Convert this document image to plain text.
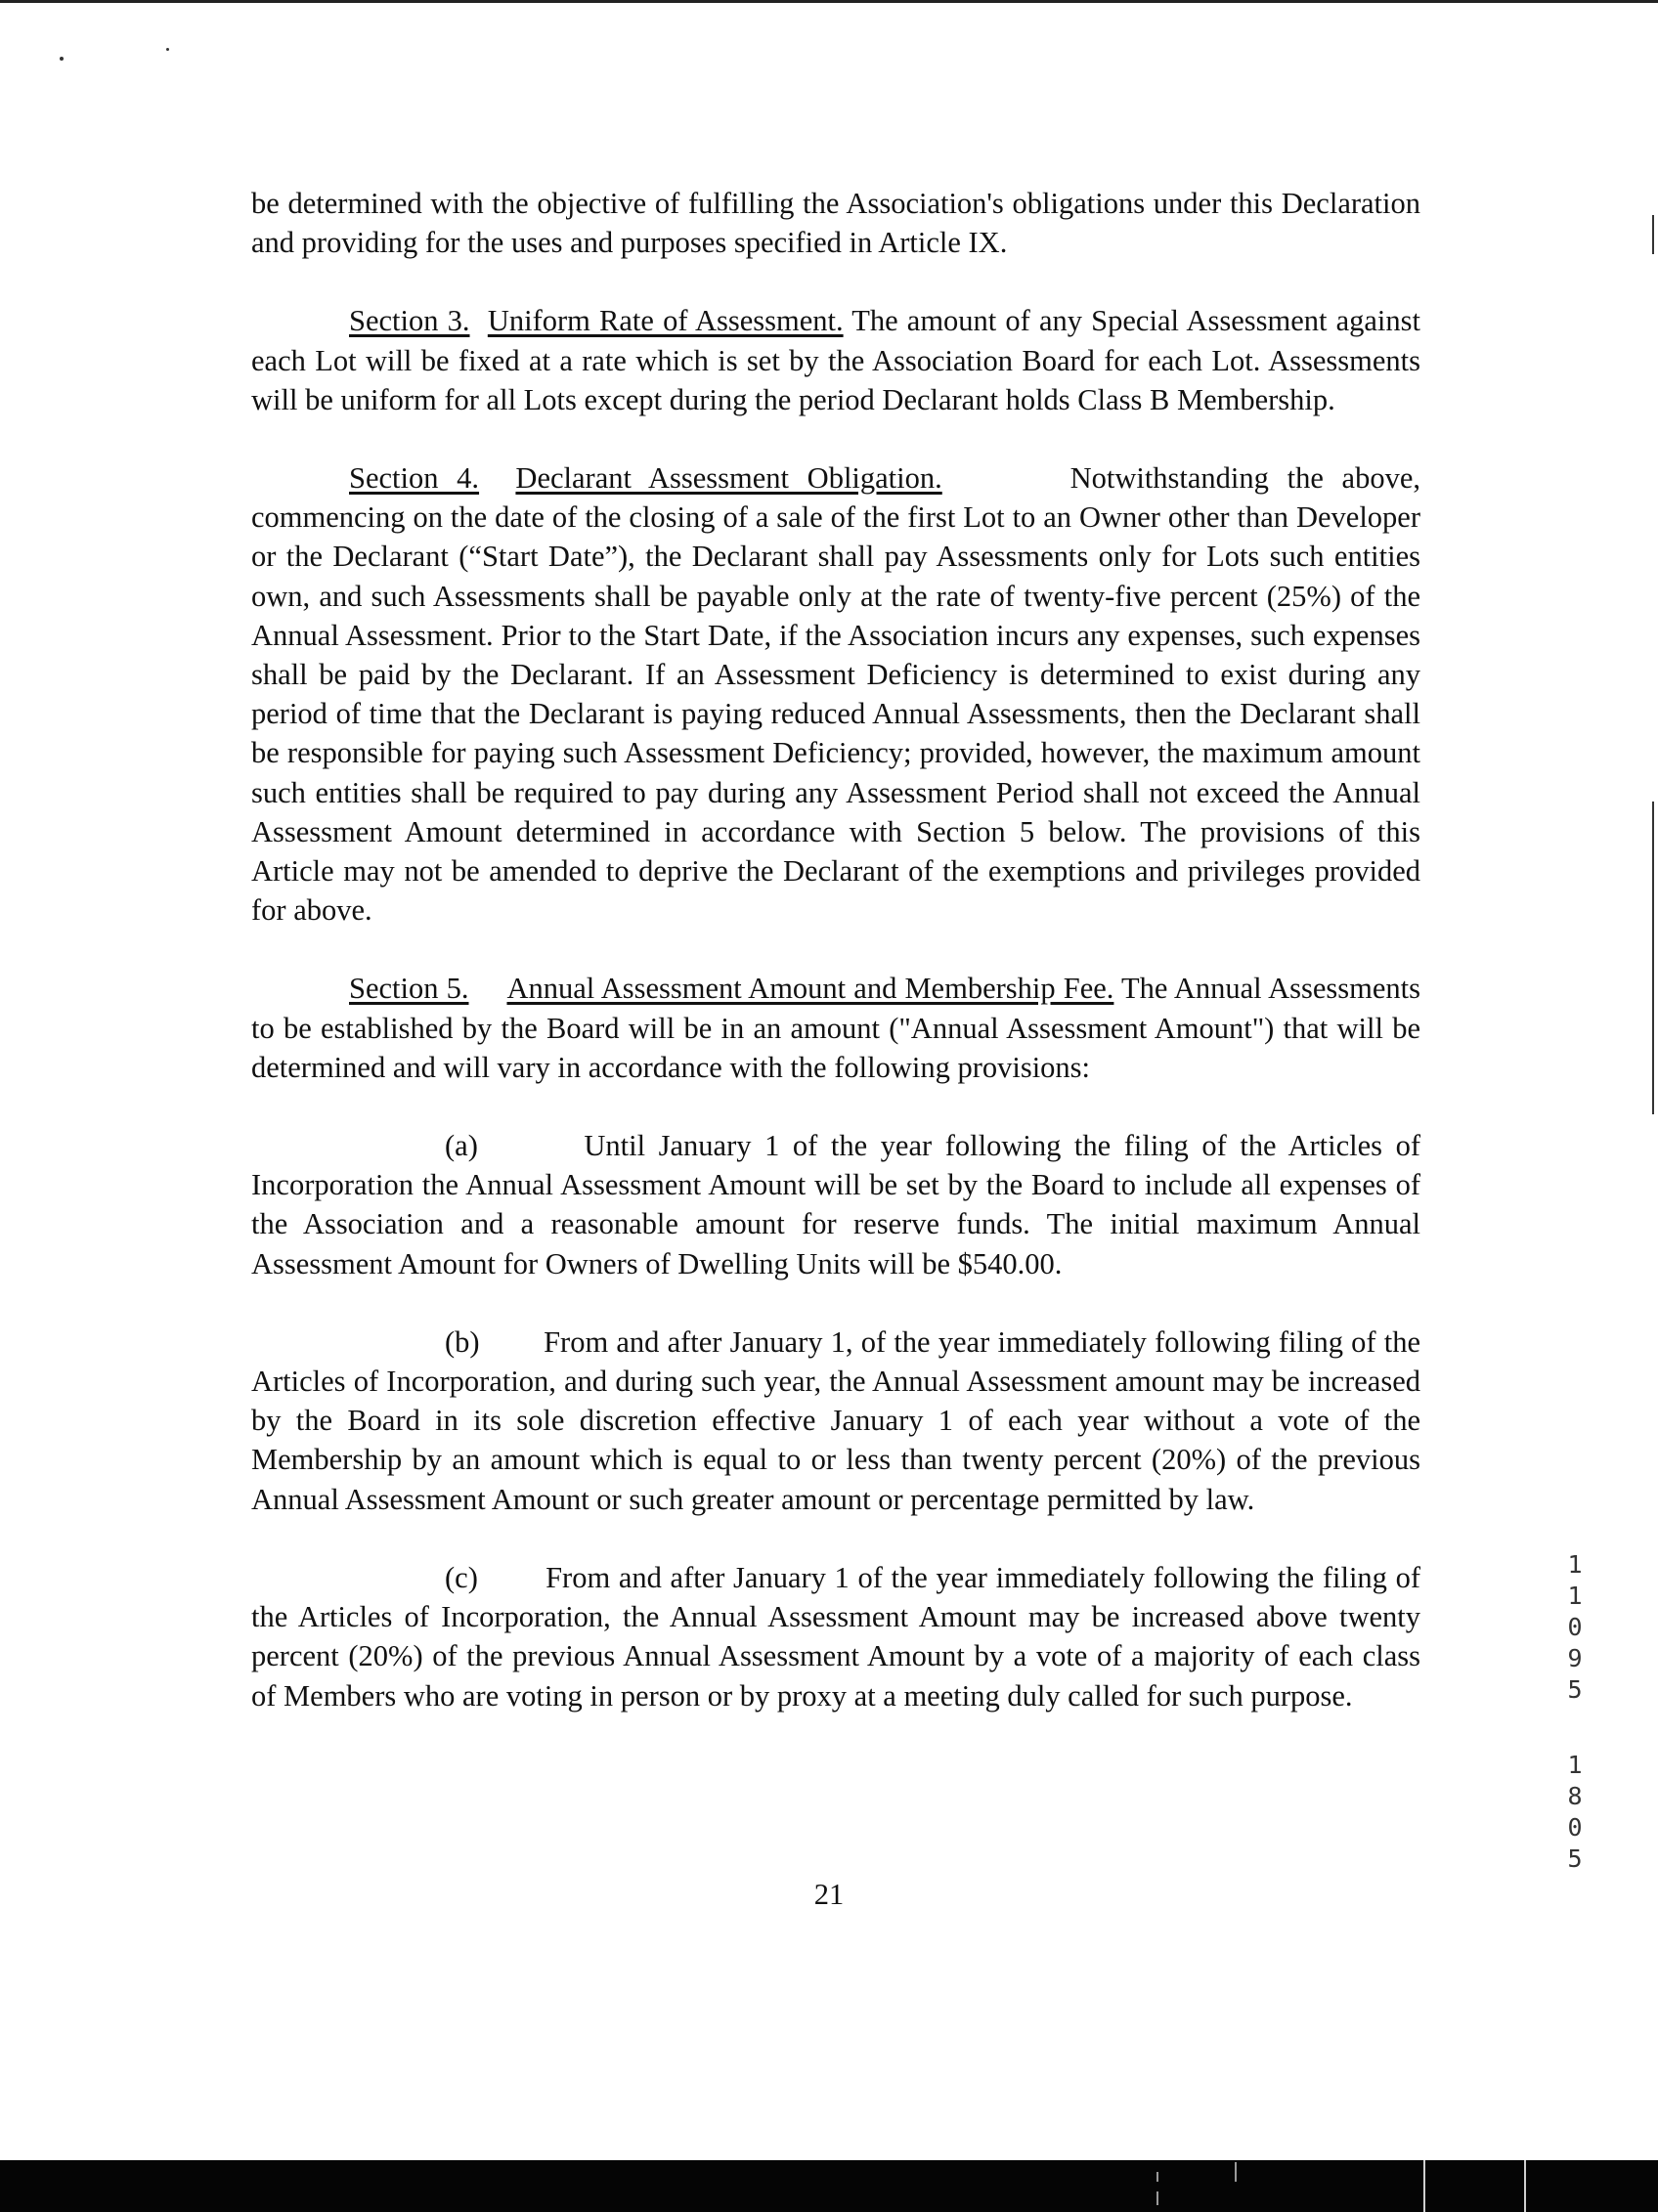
be determined with the objective of fulfilling the Association's obligations under this Declaration and providing for the uses and purposes specified in Article IX.

Section 3. Uniform Rate of Assessment. The amount of any Special Assessment against each Lot will be fixed at a rate which is set by the Association Board for each Lot. Assessments will be uniform for all Lots except during the period Declarant holds Class B Membership.

Section 4. Declarant Assessment Obligation.	Notwithstanding the above, commencing on the date of the closing of a sale of the first Lot to an Owner other than Developer or the Declarant (“Start Date”), the Declarant shall pay Assessments only for Lots such entities own, and such Assessments shall be payable only at the rate of twenty-five percent (25%) of the Annual Assessment. Prior to the Start Date, if the Association incurs any expenses, such expenses shall be paid by the Declarant. If an Assessment Deficiency is determined to exist during any period of time that the Declarant is paying reduced Annual Assessments, then the Declarant shall be responsible for paying such Assessment Deficiency; provided, however, the maximum amount such entities shall be required to pay during any Assessment Period shall not exceed the Annual Assessment Amount determined in accordance with Section 5 below. The provisions of this Article may not be amended to deprive the Declarant of the exemptions and privileges provided for above.

Section 5. Annual Assessment Amount and Membership Fee. The Annual Assessments to be established by the Board will be in an amount ("Annual Assessment Amount") that will be determined and will vary in accordance with the following provisions:

(a)	Until January 1 of the year following the filing of the Articles of Incorporation the Annual Assessment Amount will be set by the Board to include all expenses of the Association and a reasonable amount for reserve funds. The initial maximum Annual Assessment Amount for Owners of Dwelling Units will be $540.00.

(b) From and after January 1, of the year immediately following filing of the Articles of Incorporation, and during such year, the Annual Assessment amount may be increased by the Board in its sole discretion effective January 1 of each year without a vote of the Membership by an amount which is equal to or less than twenty percent (20%) of the previous Annual Assessment Amount or such greater amount or percentage permitted by law.

(c) From and after January 1 of the year immediately following the filing of the Articles of Incorporation, the Annual Assessment Amount may be increased above twenty percent (20%) of the previous Annual Assessment Amount by a vote of a majority of each class of Members who are voting in person or by proxy at a meeting duly called for such purpose.

21
1
1
0
9
5
1
8
0
5
